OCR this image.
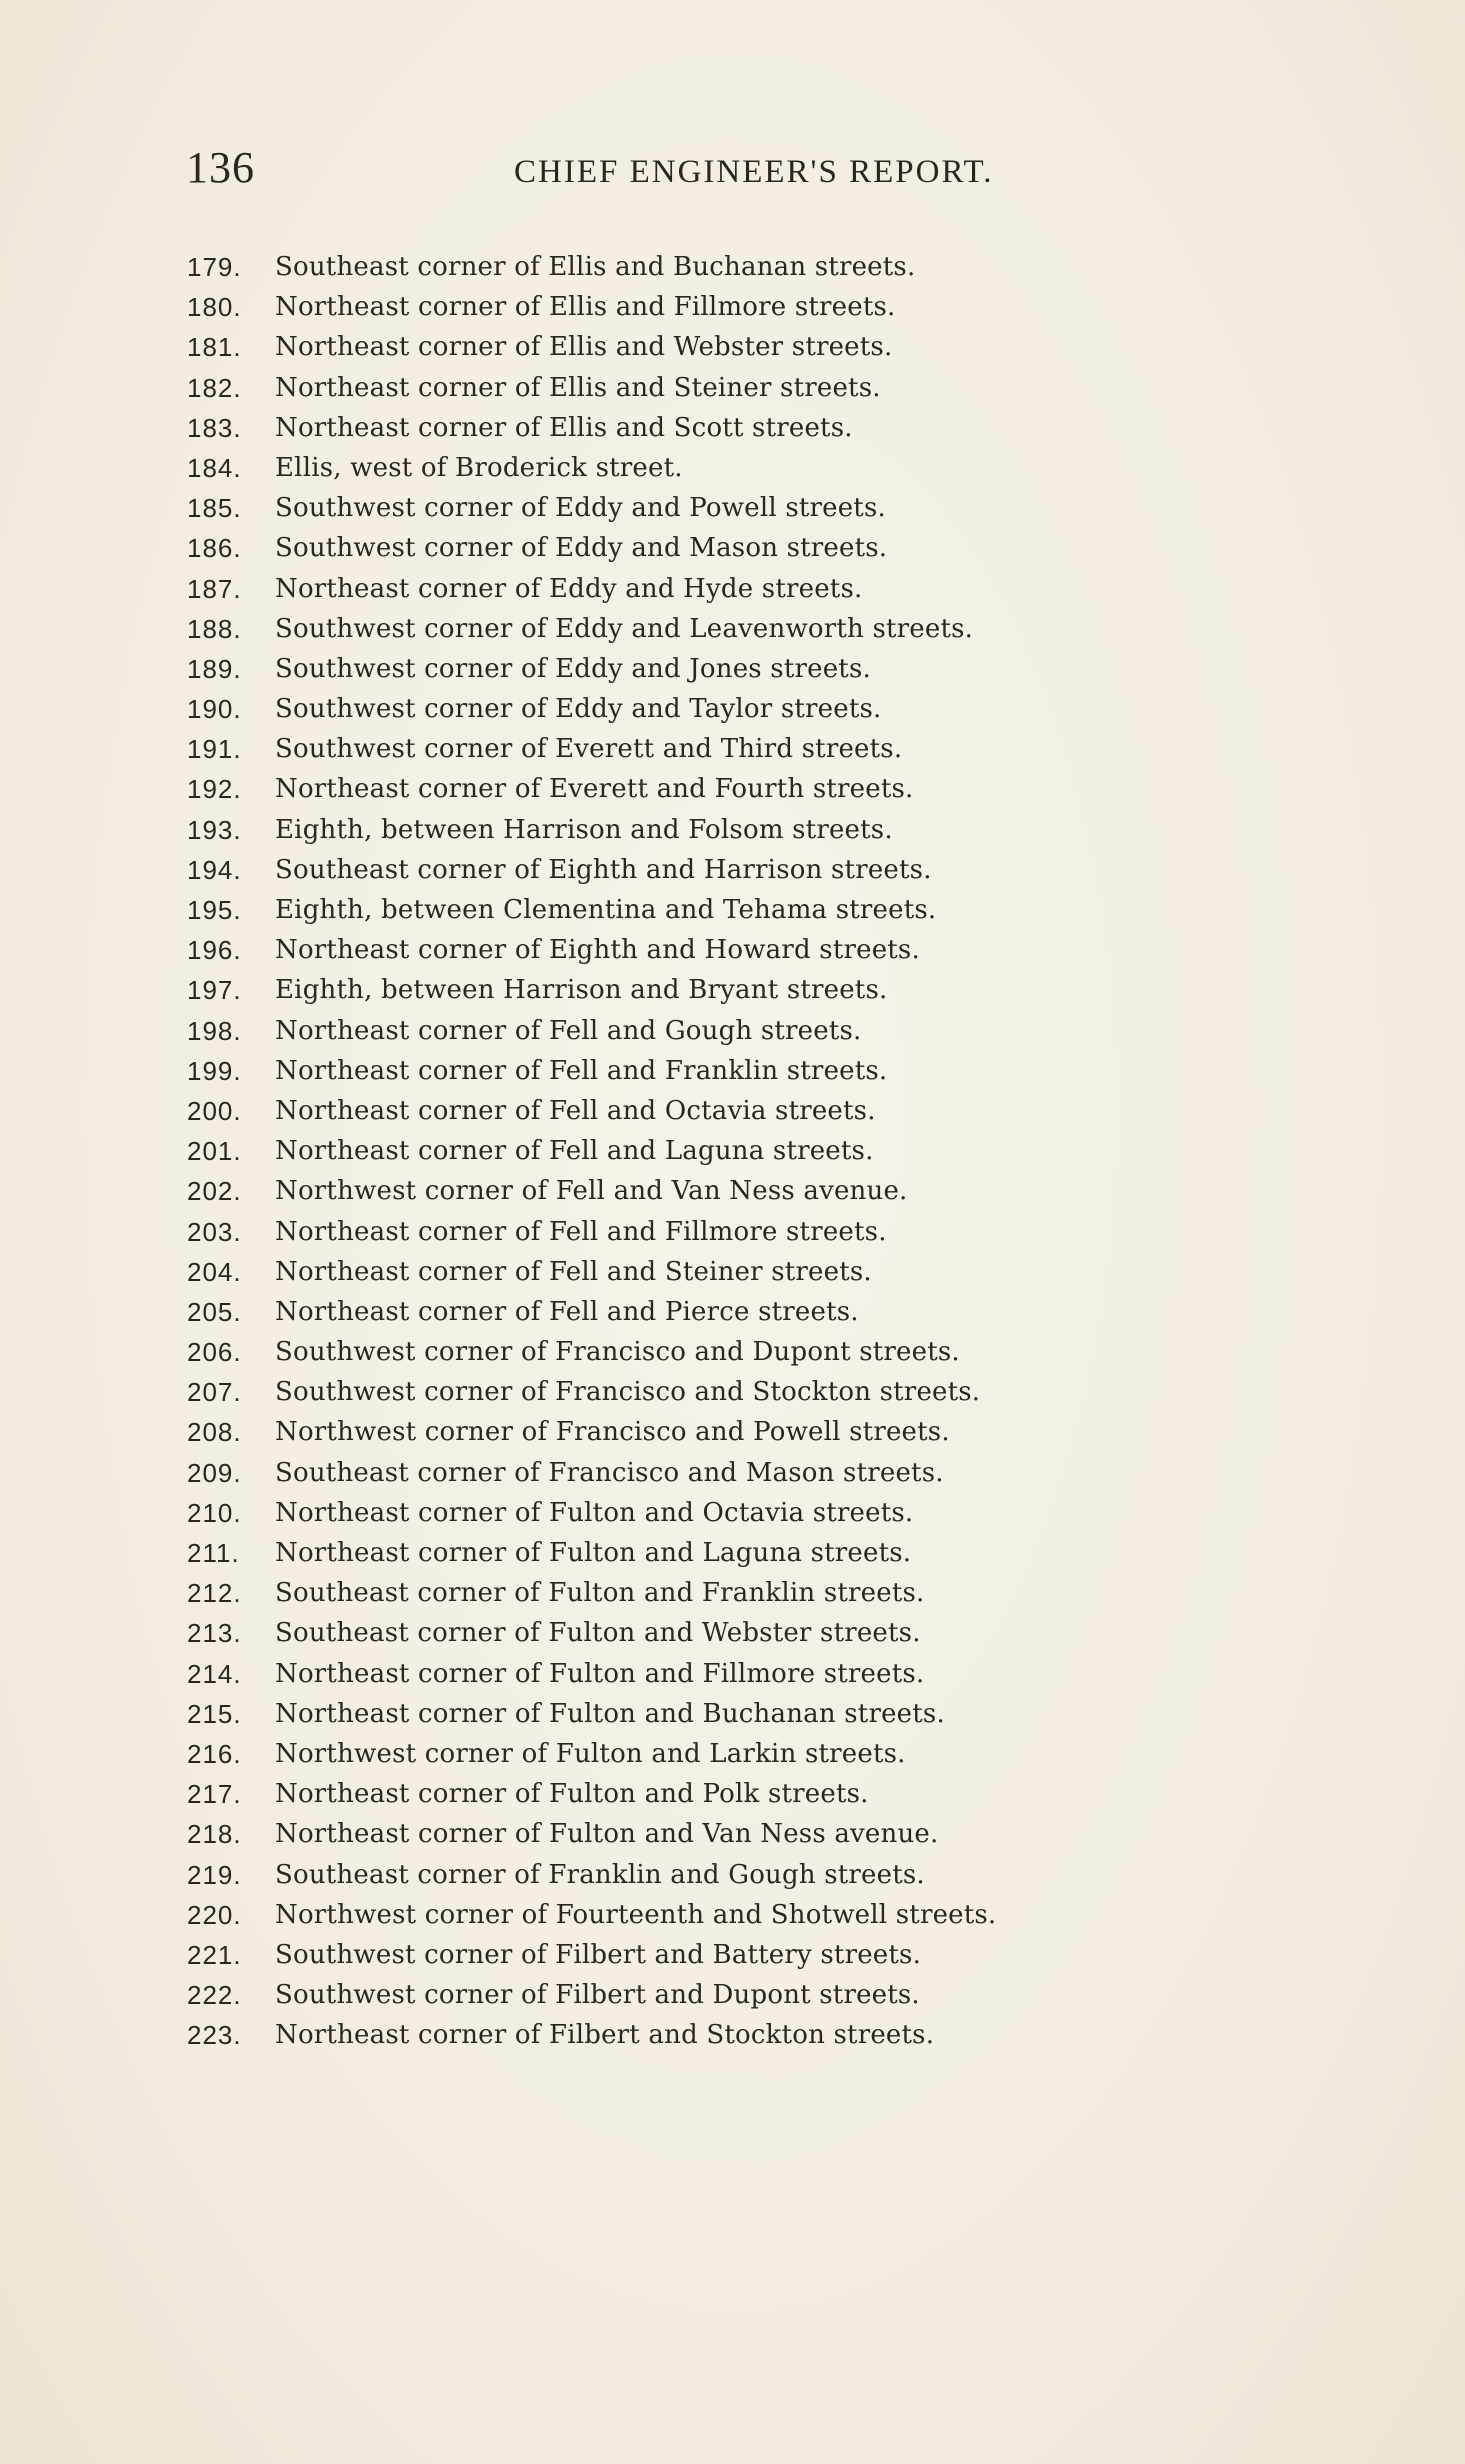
136	CHIEF ENGINEER'S REPORT.
179.	Southeast corner of Ellis and Buchanan streets.
180.	Northeast corner of Ellis and Fillmore streets.
181.	Northeast corner of Ellis and Webster streets.
182.	Northeast corner of Ellis and Steiner streets.
183.	Northeast corner of Ellis and Scott streets.
184.	Ellis, west of Broderick street.
185.	Southwest corner of Eddy and Powell streets.
186.	Southwest corner of Eddy and Mason streets.
187.	Northeast corner of Eddy and Hyde streets.
188.	Southwest corner of Eddy and Leavenworth streets.
189.	Southwest corner of Eddy and Jones streets.
190.	Southwest corner of Eddy and Taylor streets.
191.	Southwest corner of Everett and Third streets.
192.	Northeast corner of Everett and Fourth streets.
193.	Eighth, between Harrison and Folsom streets.
194.	Southeast corner of Eighth and Harrison streets.
195.	Eighth, between Clementina and Tehama streets.
196.	Northeast corner of Eighth and Howard streets.
197.	Eighth, between Harrison and Bryant streets.
198.	Northeast corner of Fell and Gough streets.
199.	Northeast corner of Fell and Franklin streets.
200.	Northeast corner of Fell and Octavia streets.
201.	Northeast corner of Fell and Laguna streets.
202.	Northwest corner of Fell and Van Ness avenue.
203.	Northeast corner of Fell and Fillmore streets.
204.	Northeast corner of Fell and Steiner streets.
205.	Northeast corner of Fell and Pierce streets.
206.	Southwest corner of Francisco and Dupont streets.
207.	Southwest corner of Francisco and Stockton streets.
208.	Northwest corner of Francisco and Powell streets.
209.	Southeast corner of Francisco and Mason streets.
210.	Northeast corner of Fulton and Octavia streets.
211.	Northeast corner of Fulton and Laguna streets.
212.	Southeast corner of Fulton and Franklin streets.
213.	Southeast corner of Fulton and Webster streets.
214.	Northeast corner of Fulton and Fillmore streets.
215.	Northeast corner of Fulton and Buchanan streets.
216.	Northwest corner of Fulton and Larkin streets.
217.	Northeast corner of Fulton and Polk streets.
218.	Northeast corner of Fulton and Van Ness avenue.
219.	Southeast corner of Franklin and Gough streets.
220.	Northwest corner of Fourteenth and Shotwell streets.
221.	Southwest corner of Filbert and Battery streets.
222.	Southwest corner of Filbert and Dupont streets.
223.	Northeast corner of Filbert and Stockton streets.
